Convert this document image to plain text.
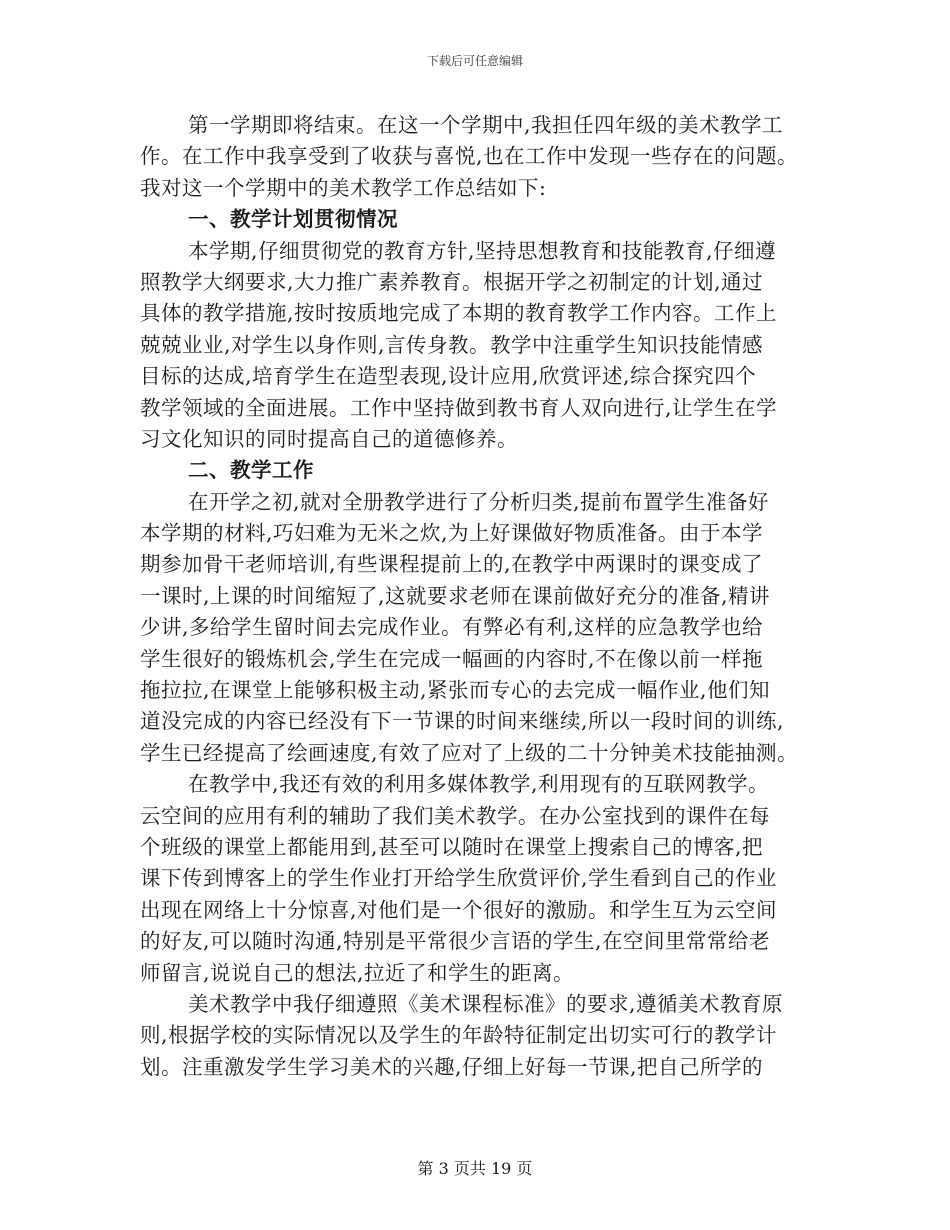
下载后可任意编辑
第一学期即将结束。在这一个学期中,我担任四年级的美术教学工
作。在工作中我享受到了收获与喜悦,也在工作中发现一些存在的问题。
我对这一个学期中的美术教学工作总结如下:
一、教学计划贯彻情况
本学期,仔细贯彻党的教育方针,坚持思想教育和技能教育,仔细遵
照教学大纲要求,大力推广素养教育。根据开学之初制定的计划,通过
具体的教学措施,按时按质地完成了本期的教育教学工作内容。工作上
兢兢业业,对学生以身作则,言传身教。教学中注重学生知识技能情感
目标的达成,培育学生在造型表现,设计应用,欣赏评述,综合探究四个
教学领域的全面进展。工作中坚持做到教书育人双向进行,让学生在学
习文化知识的同时提高自己的道德修养。
二、教学工作
在开学之初,就对全册教学进行了分析归类,提前布置学生准备好
本学期的材料,巧妇难为无米之炊,为上好课做好物质准备。由于本学
期参加骨干老师培训,有些课程提前上的,在教学中两课时的课变成了
一课时,上课的时间缩短了,这就要求老师在课前做好充分的准备,精讲
少讲,多给学生留时间去完成作业。有弊必有利,这样的应急教学也给
学生很好的锻炼机会,学生在完成一幅画的内容时,不在像以前一样拖
拖拉拉,在课堂上能够积极主动,紧张而专心的去完成一幅作业,他们知
道没完成的内容已经没有下一节课的时间来继续,所以一段时间的训练,
学生已经提高了绘画速度,有效了应对了上级的二十分钟美术技能抽测。
在教学中,我还有效的利用多媒体教学,利用现有的互联网教学。
云空间的应用有利的辅助了我们美术教学。在办公室找到的课件在每
个班级的课堂上都能用到,甚至可以随时在课堂上搜索自己的博客,把
课下传到博客上的学生作业打开给学生欣赏评价,学生看到自己的作业
出现在网络上十分惊喜,对他们是一个很好的激励。和学生互为云空间
的好友,可以随时沟通,特别是平常很少言语的学生,在空间里常常给老
师留言,说说自己的想法,拉近了和学生的距离。
美术教学中我仔细遵照《美术课程标准》的要求,遵循美术教育原
则,根据学校的实际情况以及学生的年龄特征制定出切实可行的教学计
划。注重激发学生学习美术的兴趣,仔细上好每一节课,把自己所学的
第 3 页共 19 页
